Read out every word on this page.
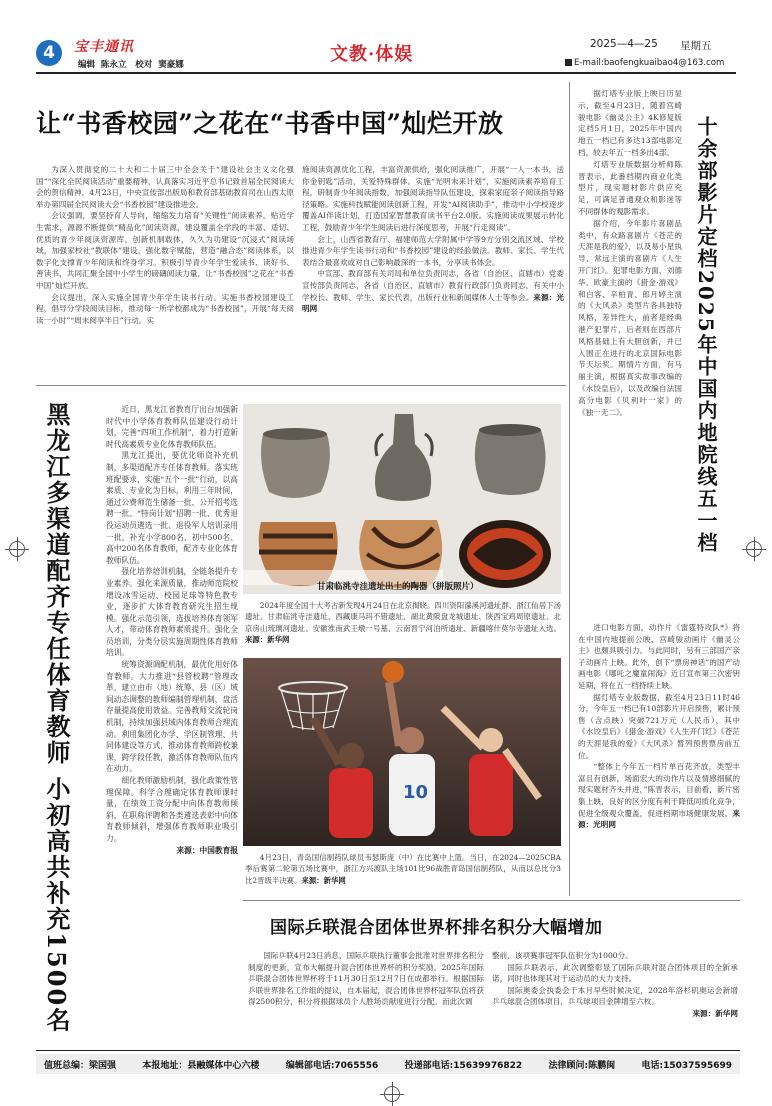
4	宝丰通讯
编辑  陈永立   校对  窦豪娜	文教·体娱	2025—4—25 星期五
E-mail:baofengkuaibao4@163.com
让“书香校园”之花在“书香中国”灿烂开放

为深入贯彻党的二十大和二十届三中全会关于“建设社会主义文化强国”“深化全民阅读活动”重要精神，认真落实习近平总书记致首届全民阅读大会的贺信精神，4月23日，中央宣传部出版局和教育部基础教育司在山西太原举办第四届全民阅读大会“书香校园”建设推进会。

会议强调，要坚持育人导向，缩缩发力培育“关键性”阅读素养。贴近学生需求，源源不断提供“精品化”阅读资源，建设覆盖全学段的丰富、适切、优质的青少年阅读资源库。创新机制载体，久久为功建设“沉浸式”阅读场域，加强家校社“教联体”建设，强化数字赋能，营造“融合态”阅读体系，以数字化支撑青少年阅读和终身学习。积极引导青少年学生爱读书、读好书、善读书，共同汇聚全国中小学生的磅礴阅读力量，让“书香校园”之花在“书香中国”灿烂开放。

会议提出，深入实施全国青少年学生读书行动。实施书香校园建设工程，倡导分学段阅读目标，推动每一所学校都成为“书香校园”，开展“每天阅读一小时”“周末阅享半日”行动。实

施阅读资源优化工程，丰富资源供给，强化阅读推广，开展“一人一本书，送你金钥匙”活动，关爱特殊群体。实施“光明未来计划”，实施阅读素养培育工程，研制青少年阅读指数，加强阅读指导队伍建设，探索家庭亲子阅读指导路径策略。实施科技赋能阅读创新工程，开发“AI阅读助手”，推动中小学校逐步覆盖AI伴读计划，打造国家智慧教育读书平台2.0版。实施阅读成果展示转化工程，鼓励青少年学生阅读后进行深度思考，开展“行走阅读”。

会上，山西省教育厅、福建师范大学附属中学等9方分别交流区域、学校推进青少年学生读书行动和“书香校园”建设的经验做法。教师、家长、学生代表结合最喜欢或对自己影响最深的一本书，分享读书体会。

中宣部、教育部有关司局和单位负责同志，各省（自治区、直辖市）党委宣传部负责同志，各省（自治区、直辖市）教育行政部门负责同志，有关中小学校长、教师、学生、家长代表，出版行业和新闻媒体人士等参会。来源：光明网

黑龙江多渠道配齐专任体育教师 小初高共补充1500名	近日，黑龙江省教育厅出台加强新时代中小学体育教师队伍建设行动计划，完善“四项工作机制”，着力打造新时代高素质专业化体育教师队伍。

黑龙江提出，要优化师资补充机制，多渠道配齐专任体育教师。落实班班配要求，实施“五个一批”行动，以高素质、专业化为目标，利用三年时间，通过公费师范生储备一批、公开招考选聘一批、“特岗计划”招聘一批、优秀退役运动员遴选一批、退役军人培训录用一批，补充小学800名、初中500名、高中200名体育教师，配齐专业化体育教师队伍。

强化培养培训机制，全链条提升专业素养。强化来源质量，推动师范院校增设冰雪运动、校园足球等特色教专业，逐步扩大体育教育研究生招生规模。强化示范引领，选拔培养体育领军人才，带动体育教师素质提升。强化全员培训，分类分层实施周期性体育教师培训。

统筹资源调配机制，最优化用好体育教师。大力推进“县管校聘”管理改革，建立由市（地）统筹、县（区）域间动态调整的教师编制管理机制，盘活存量提高使用效益。完善教师交流轮岗机制，持续加强县域内体育教师合理流动。利用集团化办学、学区制管理、共同体建设等方式，推动体育教师跨校兼课，跨学段任教，激活体育教师队伍内在动力。

细化教师激励机制，强化政策性管理保障。科学合理确定体育教师课时量，在绩效工资分配中向体育教师倾斜，在职称评聘和各类遴选表彰中向体育教师倾斜，增强体育教师职业吸引力。

来源：中国教育报

甘肃临洮寺洼遗址出土的陶器（拼版照片）

2024年度全国十大考古新发现4月24日在北京揭晓。四川资阳濛溪河遗址群、浙江仙居下汤遗址、甘肃临洮寺洼遗址、西藏康马玛不错遗址、湖北黄陂盘龙城遗址、陕西宝鸡周原遗址、北京房山琉璃河遗址、安徽淮南武王墩一号墓、云南晋宁河泊所遗址、新疆喀什莫尔寺遗址入选。来源：新华网

10

4月23日，青岛国信制药队球员韦瑟斯庞（中）在比赛中上篮。当日，在2024—2025CBA季后赛第二轮第五场比赛中，浙江方兴渡队主场101比96战胜青岛国信制药队，从而以总比分3比2晋级半决赛。来源：新华网

十余部影片定档2025年中国内地院线五一档

据灯塔专业版上映日历显示，截至4月23日，随着宫崎骏电影《幽灵公主》4K修复版定档5月1日，2025年中国内地五一档已有多达13部电影定档，较去年五一档多出4部。

灯塔专业版数据分析师陈晋表示，此番档期内商业化类型片，现实题材影片供应充足，可满足普通观众和影迷等不同群体的观影需求。

据介绍，今年影片喜剧品类中，有众路喜剧片《苍茫的天涯是我的爱》，以及易小星执导、常远主演的喜剧片《人生开门红》。犯罪电影方面，刘德华、欧豪主演的《猎金·游戏》和白客、辛柏青、郎月婷主演的《大风杀》类型片各具独特风格，差异性大，前者是经典港产犯罪片，后者则在西部片风格基础上有大胆创新，并已入围正在进行的北京国际电影节天坛奖。期情片方面，有马丽主演，根据真实故事改编的《水饺皇后》，以及改编自法国高分电影《贝利叶一家》的《独一无二》。

进口电影方面，动作片《雷霆特攻队*》将在中国内地提前公映、宫崎骏动画片《幽灵公主》也颇具吸引力。与此同时，另有三部国产亲子动画片上映。此外，创下“票房神话”的国产动画电影《哪吒之魔童闹海》近日宣布第三次密钥延期，将在五一档持续上映。

据灯塔专业版数据，截至4月23日11时46分，今年五一档已有10部影片开启预售，累计预售（含点映）突破721万元（人民币），其中《水饺皇后》《猎金·游戏》《人生开门红》《苍茫的天涯是我的爱》《大风杀》暂列预售票房前五位。

“整体上今年五一档片单百花齐放，类型丰富且有创新，场面宏大的动作片以及情感细腻的现实题材齐头并进，”陈晋表示，目前看，新片密集上映，良好的区分度有利于降低同质化竞争，促进全级观众覆盖，促进档期市场健康发展。来源：光明网

国际乒联混合团体世界杯排名积分大幅增加

国际乒联4月23日消息，国际乒联执行董事会批准对世界排名积分制度的更新，宣布大幅提升混合团体世界杯的积分奖励。2025年国际乒联混合团体世界杯将于11月30日至12月7日在成都举行。根据国际乒联世界排名工作组的提议，自本届起，混合团体世界杯冠军队伍将获得2500积分，积分将根据球员个人胜场贡献度进行分配。而此次调

整前，该项赛事冠军队伍积分为1000分。

国际乒联表示，此次调整彰显了国际乒联对混合团体项目的全新承诺，同时也体现其对于运动员的大力支持。

国际奥委会执委会于本月早些时候决定，2028年洛杉矶奥运会新增乒乓球混合团体项目，乒乓球项目金牌增至六枚。

来源：新华网

值班总编：梁国强	本报地址：县融媒体中心六楼	编辑部电话:7065556	投递部电话:15639976822	法律顾问:陈鹏闽	电话:15037595699
